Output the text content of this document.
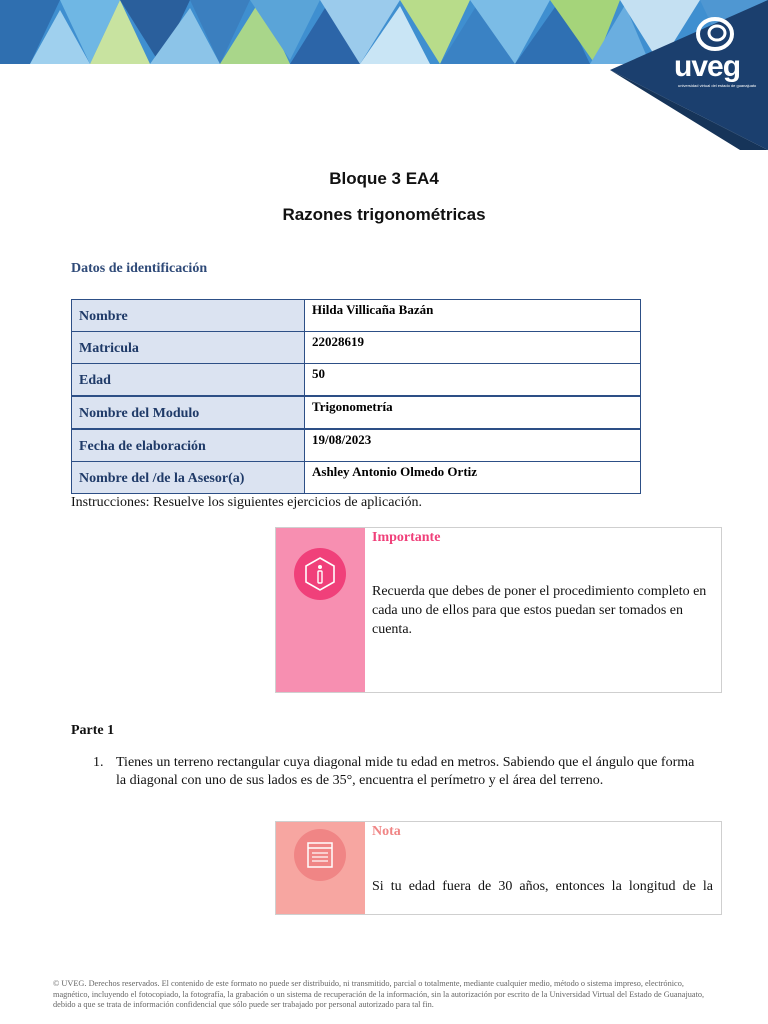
uveg
universidad virtual del estado de guanajuato
Bloque 3 EA4
Razones trigonométricas
Datos de identificación
Nombre	Hilda Villicaña Bazán
Matricula	22028619
Edad	50
Nombre del Modulo	Trigonometría
Fecha de elaboración	19/08/2023
Nombre del /de la Asesor(a)	Ashley Antonio Olmedo Ortiz
Instrucciones: Resuelve los siguientes ejercicios de aplicación.
Importante
Recuerda que debes de poner el procedimiento completo en cada uno de ellos para que estos puedan ser tomados en cuenta.
Parte 1
1. Tienes un terreno rectangular cuya diagonal mide tu edad en metros. Sabiendo que el ángulo que forma la diagonal con uno de sus lados es de 35°, encuentra el perímetro y el área del terreno.
Nota
Si tu edad fuera de 30 años, entonces la longitud de la
© UVEG. Derechos reservados. El contenido de este formato no puede ser distribuido, ni transmitido, parcial o totalmente, mediante cualquier medio, método o sistema impreso, electrónico, magnético, incluyendo el fotocopiado, la fotografía, la grabación o un sistema de recuperación de la información, sin la autorización por escrito de la Universidad Virtual del Estado de Guanajuato, debido a que se trata de información confidencial que sólo puede ser trabajado por personal autorizado para tal fin.
